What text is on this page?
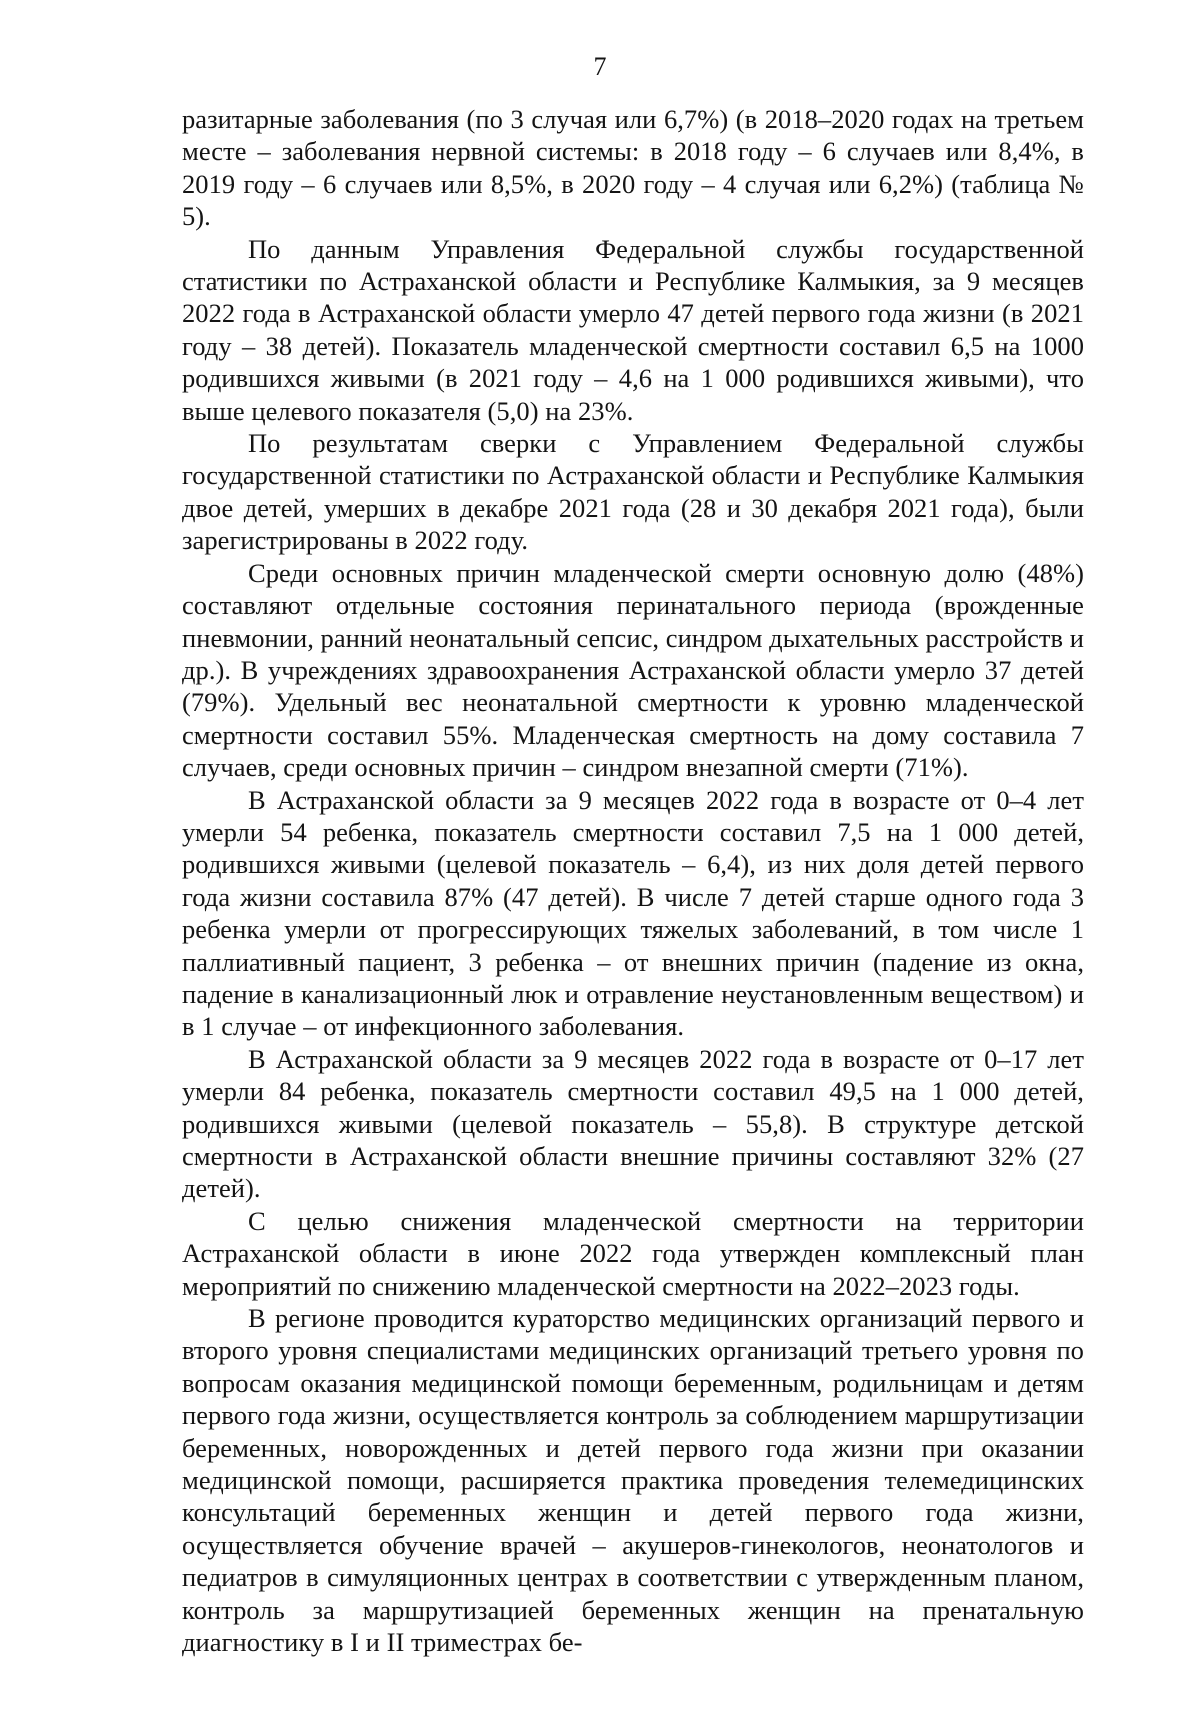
7

разитарные заболевания (по 3 случая или 6,7%) (в 2018–2020 годах на третьем месте – заболевания нервной системы: в 2018 году – 6 случаев или 8,4%, в 2019 году – 6 случаев или 8,5%, в 2020 году – 4 случая или 6,2%) (таблица № 5).

По данным Управления Федеральной службы государственной статистики по Астраханской области и Республике Калмыкия, за 9 месяцев 2022 года в Астраханской области умерло 47 детей первого года жизни (в 2021 году – 38 детей). Показатель младенческой смертности составил 6,5 на 1000 родившихся живыми (в 2021 году – 4,6 на 1 000 родившихся живыми), что выше целевого показателя (5,0) на 23%.

По результатам сверки с Управлением Федеральной службы государственной статистики по Астраханской области и Республике Калмыкия двое детей, умерших в декабре 2021 года (28 и 30 декабря 2021 года), были зарегистрированы в 2022 году.

Среди основных причин младенческой смерти основную долю (48%) составляют отдельные состояния перинатального периода (врожденные пневмонии, ранний неонатальный сепсис, синдром дыхательных расстройств и др.). В учреждениях здравоохранения Астраханской области умерло 37 детей (79%). Удельный вес неонатальной смертности к уровню младенческой смертности составил 55%. Младенческая смертность на дому составила 7 случаев, среди основных причин – синдром внезапной смерти (71%).

В Астраханской области за 9 месяцев 2022 года в возрасте от 0–4 лет умерли 54 ребенка, показатель смертности составил 7,5 на 1 000 детей, родившихся живыми (целевой показатель – 6,4), из них доля детей первого года жизни составила 87% (47 детей). В числе 7 детей старше одного года 3 ребенка умерли от прогрессирующих тяжелых заболеваний, в том числе 1 паллиативный пациент, 3 ребенка – от внешних причин (падение из окна, падение в канализационный люк и отравление неустановленным веществом) и в 1 случае – от инфекционного заболевания.

В Астраханской области за 9 месяцев 2022 года в возрасте от 0–17 лет умерли 84 ребенка, показатель смертности составил 49,5 на 1 000 детей, родившихся живыми (целевой показатель – 55,8). В структуре детской смертности в Астраханской области внешние причины составляют 32% (27 детей).

С целью снижения младенческой смертности на территории Астраханской области в июне 2022 года утвержден комплексный план мероприятий по снижению младенческой смертности на 2022–2023 годы.

В регионе проводится кураторство медицинских организаций первого и второго уровня специалистами медицинских организаций третьего уровня по вопросам оказания медицинской помощи беременным, родильницам и детям первого года жизни, осуществляется контроль за соблюдением маршрутизации беременных, новорожденных и детей первого года жизни при оказании медицинской помощи, расширяется практика проведения телемедицинских консультаций беременных женщин и детей первого года жизни, осуществляется обучение врачей – акушеров-гинекологов, неонатологов и педиатров в симуляционных центрах в соответствии с утвержденным планом, контроль за маршрутизацией беременных женщин на пренатальную диагностику в I и II триместрах бе-
